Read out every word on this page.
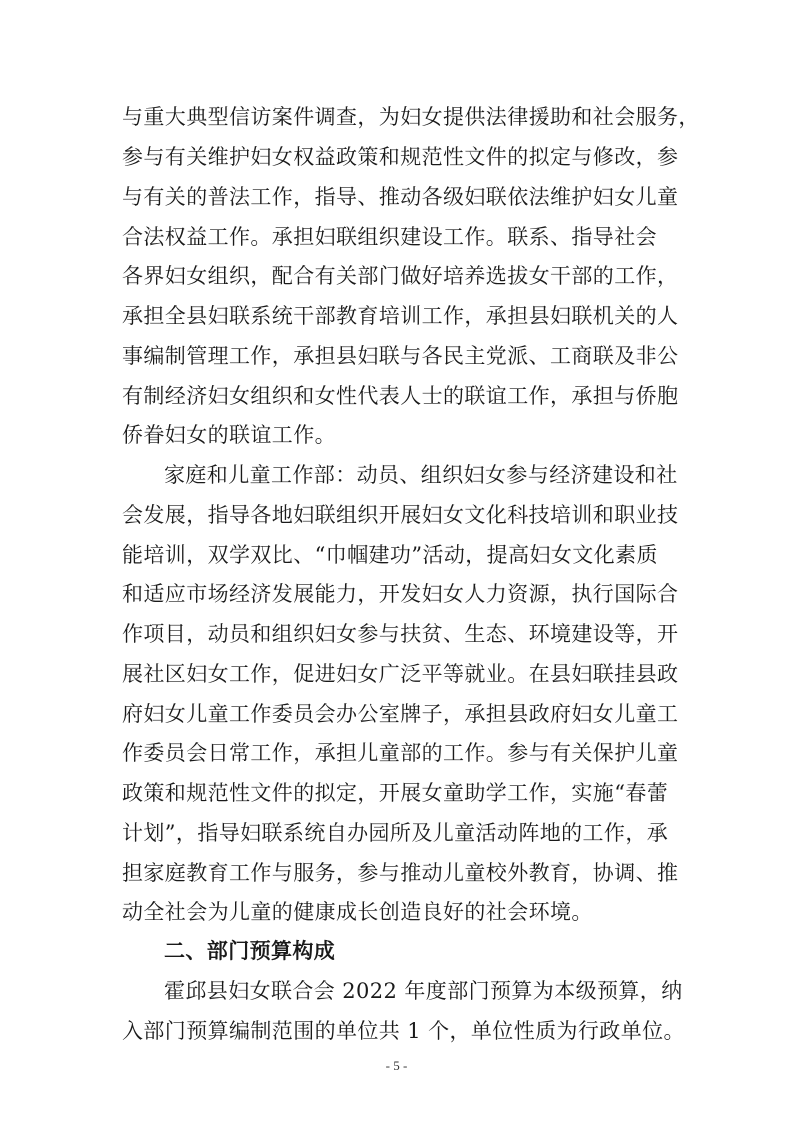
与重大典型信访案件调查，为妇女提供法律援助和社会服务，
参与有关维护妇女权益政策和规范性文件的拟定与修改，参
与有关的普法工作，指导、推动各级妇联依法维护妇女儿童
合法权益工作。承担妇联组织建设工作。联系、指导社会
各界妇女组织，配合有关部门做好培养选拔女干部的工作，
承担全县妇联系统干部教育培训工作，承担县妇联机关的人
事编制管理工作，承担县妇联与各民主党派、工商联及非公
有制经济妇女组织和女性代表人士的联谊工作，承担与侨胞
侨眷妇女的联谊工作。
家庭和儿童工作部：动员、组织妇女参与经济建设和社
会发展，指导各地妇联组织开展妇女文化科技培训和职业技
能培训，双学双比、“巾帼建功”活动，提高妇女文化素质
和适应市场经济发展能力，开发妇女人力资源，执行国际合
作项目，动员和组织妇女参与扶贫、生态、环境建设等，开
展社区妇女工作，促进妇女广泛平等就业。在县妇联挂县政
府妇女儿童工作委员会办公室牌子，承担县政府妇女儿童工
作委员会日常工作，承担儿童部的工作。参与有关保护儿童
政策和规范性文件的拟定，开展女童助学工作，实施“春蕾
计划”，指导妇联系统自办园所及儿童活动阵地的工作，承
担家庭教育工作与服务，参与推动儿童校外教育，协调、推
动全社会为儿童的健康成长创造良好的社会环境。
二、部门预算构成
霍邱县妇女联合会 2022 年度部门预算为本级预算，纳
入部门预算编制范围的单位共 1 个，单位性质为行政单位。
- 5 -
